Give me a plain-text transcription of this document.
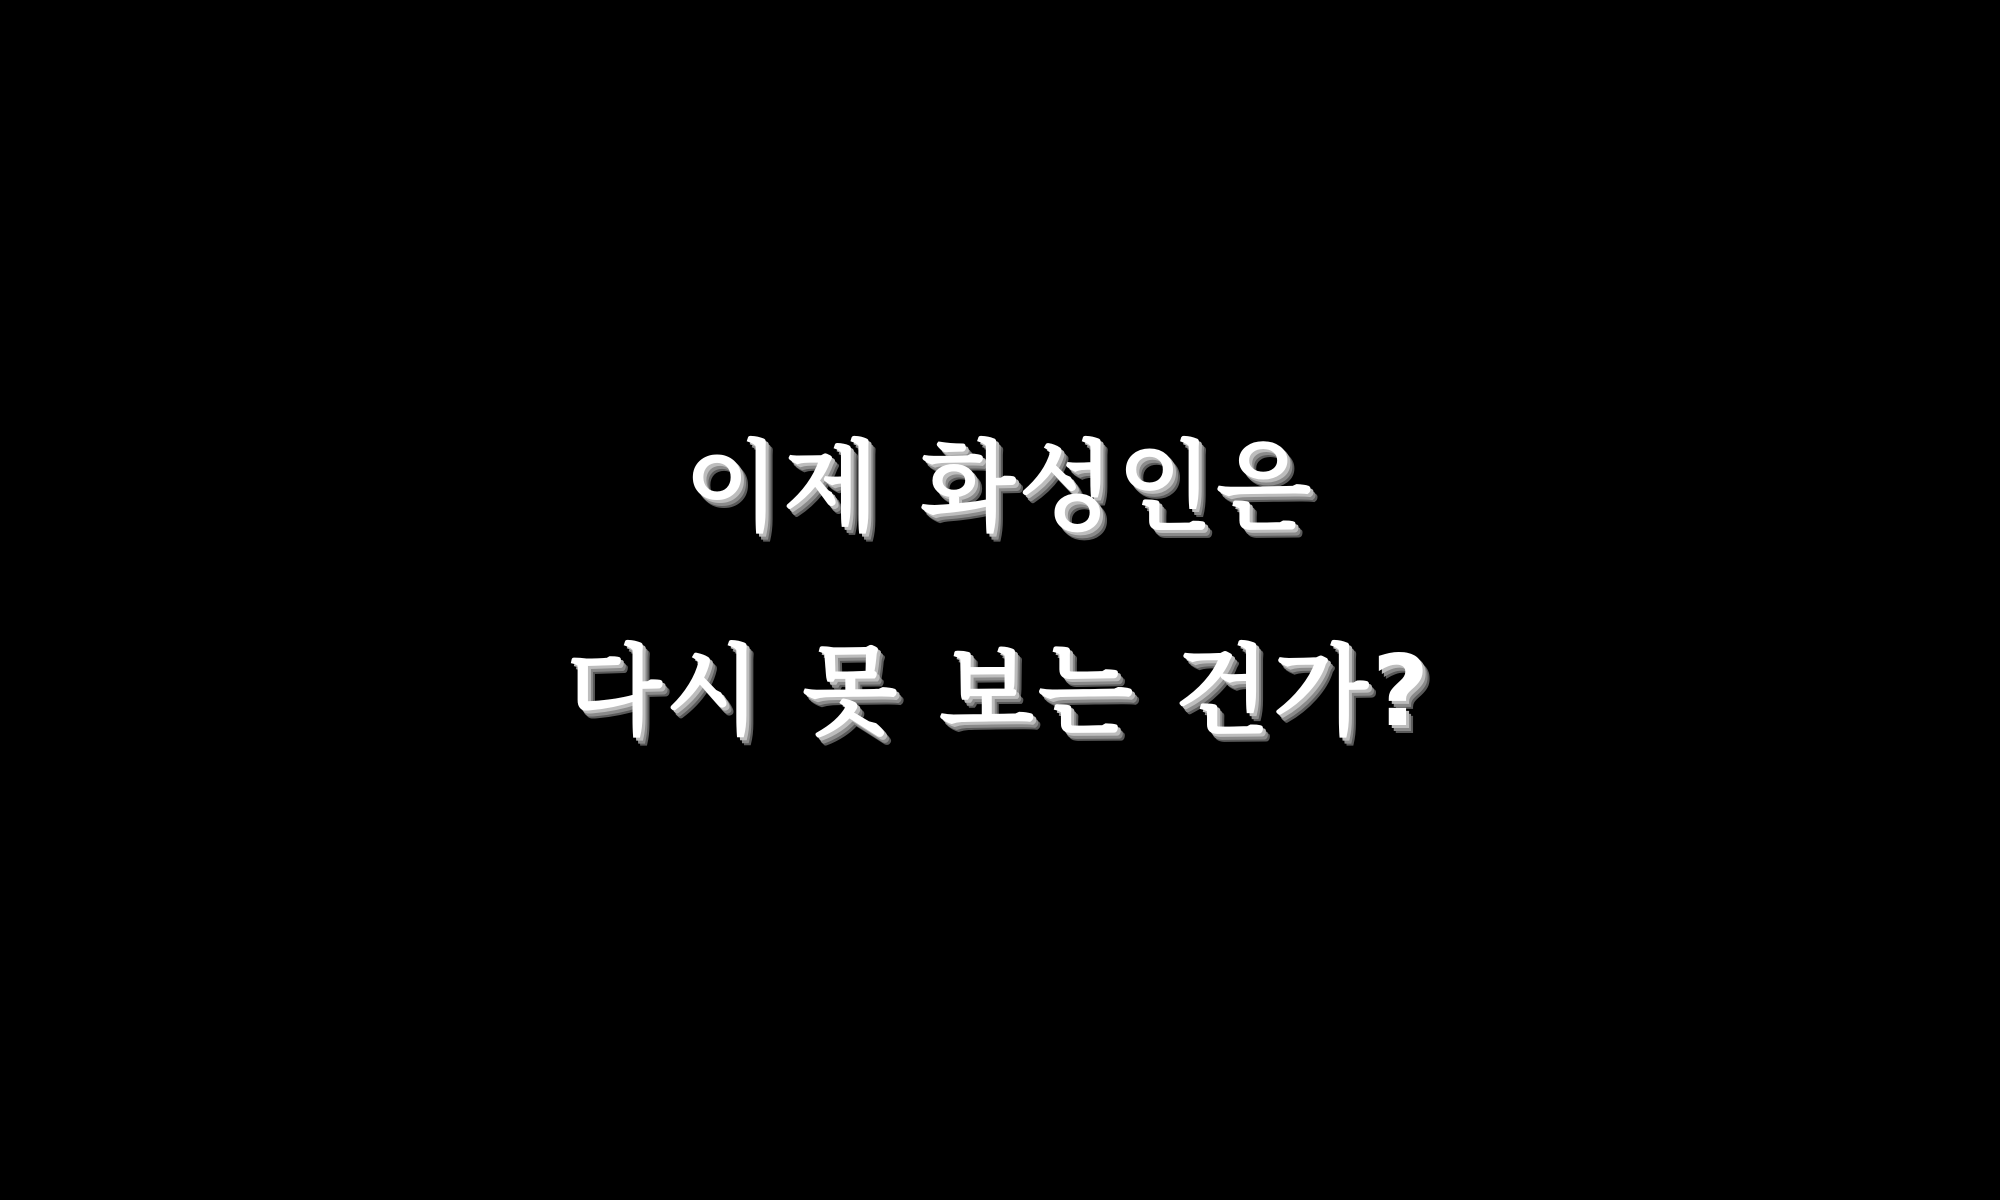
이제 화성인은
다시 못 보는 건가?
